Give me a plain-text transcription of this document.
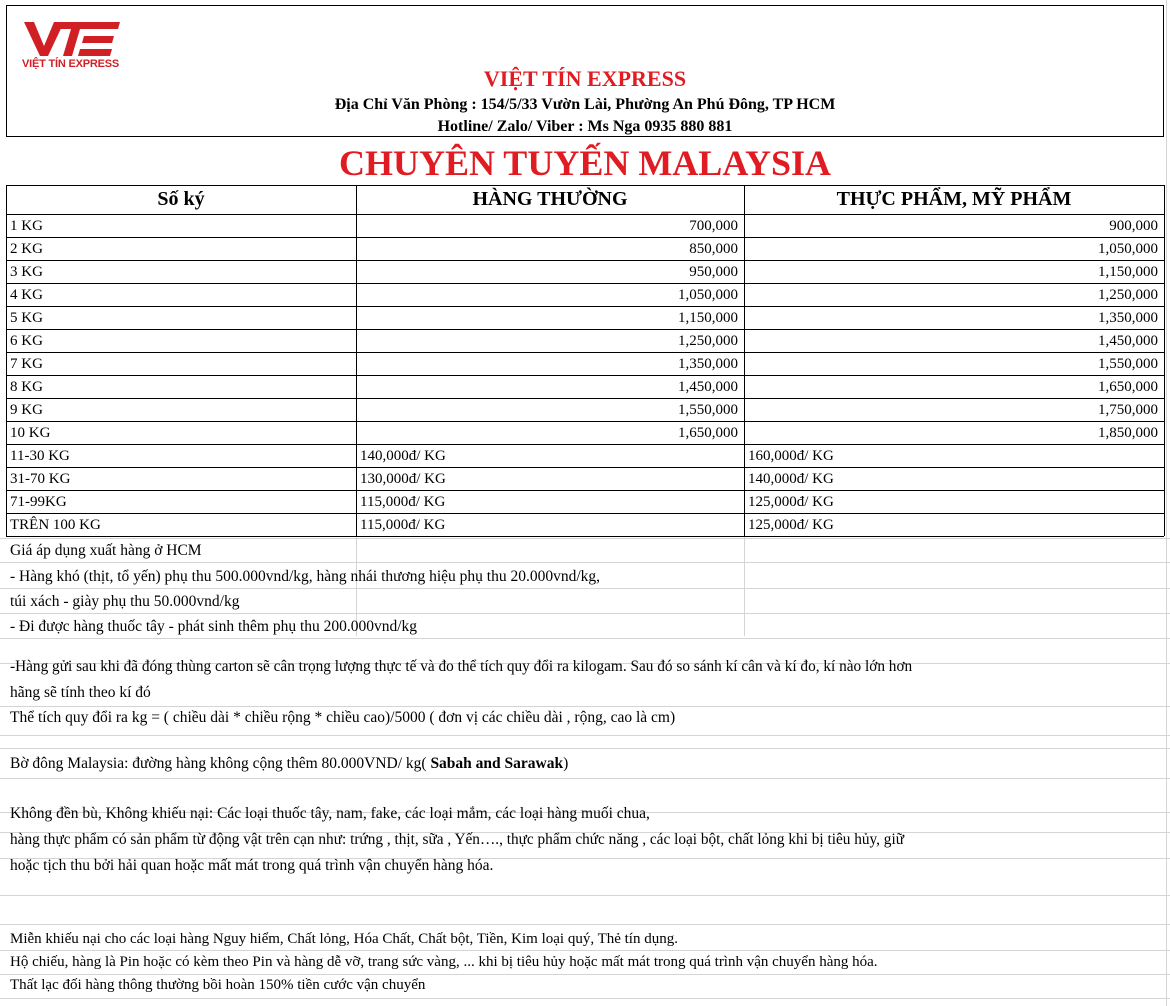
VIỆT TÍN EXPRESS
VIỆT TÍN EXPRESS
Địa Chỉ Văn Phòng : 154/5/33 Vườn Lài, Phường An Phú Đông, TP HCM
Hotline/ Zalo/ Viber : Ms Nga 0935 880 881
CHUYÊN TUYẾN MALAYSIA
Số ký	HÀNG THƯỜNG	THỰC PHẨM, MỸ PHẨM
1 KG	700,000	900,000
2 KG	850,000	1,050,000
3 KG	950,000	1,150,000
4 KG	1,050,000	1,250,000
5 KG	1,150,000	1,350,000
6 KG	1,250,000	1,450,000
7 KG	1,350,000	1,550,000
8 KG	1,450,000	1,650,000
9 KG	1,550,000	1,750,000
10 KG	1,650,000	1,850,000
11-30 KG	140,000đ/ KG	160,000đ/ KG
31-70 KG	130,000đ/ KG	140,000đ/ KG
71-99KG	115,000đ/ KG	125,000đ/ KG
TRÊN 100 KG	115,000đ/ KG	125,000đ/ KG
Giá áp dụng xuất hàng ở HCM
- Hàng khó (thịt, tổ yến) phụ thu 500.000vnd/kg, hàng nhái thương hiệu phụ thu 20.000vnd/kg,
túi xách - giày phụ thu 50.000vnd/kg
- Đi được hàng thuốc tây - phát sinh thêm phụ thu 200.000vnd/kg
-Hàng gửi sau khi đã đóng thùng carton sẽ cân trọng lượng thực tế và đo thể tích quy đổi ra kilogam. Sau đó so sánh kí cân và kí đo, kí nào lớn hơn
hãng sẽ tính theo kí đó
Thể tích quy đổi ra kg = ( chiều dài * chiều rộng * chiều cao)/5000 ( đơn vị các chiều dài , rộng, cao là cm)
Bờ đông Malaysia: đường hàng không cộng thêm 80.000VND/ kg( Sabah and Sarawak)
Không đền bù, Không khiếu nại: Các loại thuốc tây, nam, fake, các loại mắm, các loại hàng muối chua,
hàng thực phẩm có sản phẩm từ động vật trên cạn như: trứng , thịt, sữa , Yến…., thực phẩm chức năng , các loại bột, chất lỏng khi bị tiêu hủy, giữ
hoặc tịch thu bởi hải quan hoặc mất mát trong quá trình vận chuyển hàng hóa.
Miễn khiếu nại cho các loại hàng Nguy hiểm, Chất lỏng, Hóa Chất, Chất bột, Tiền, Kim loại quý, Thẻ tín dụng.
Hộ chiếu, hàng là Pin hoặc có kèm theo Pin và hàng dễ vỡ, trang sức vàng, ... khi bị tiêu hủy hoặc mất mát trong quá trình vận chuyển hàng hóa.
Thất lạc đối hàng thông thường bồi hoàn 150% tiền cước vận chuyển
